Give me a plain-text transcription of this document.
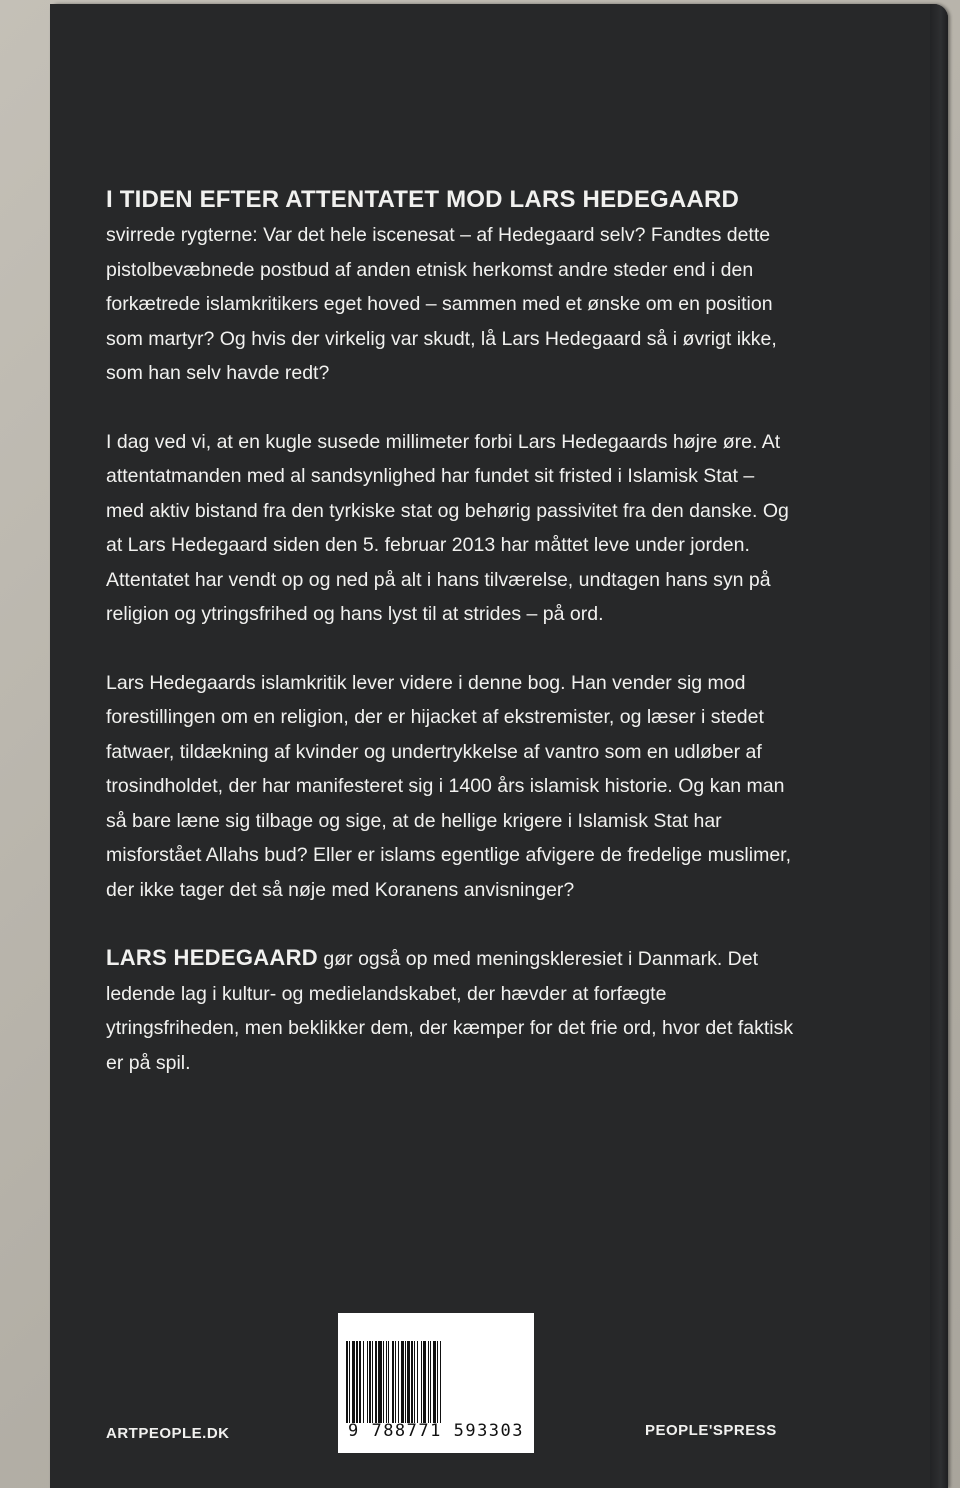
I TIDEN EFTER ATTENTATET MOD LARS HEDEGAARD

svirrede rygterne: Var det hele iscenesat – af Hedegaard selv? Fandtes dette pistolbevæbnede postbud af anden etnisk herkomst andre steder end i den forkætrede islamkritikers eget hoved – sammen med et ønske om en position som martyr? Og hvis der virkelig var skudt, lå Lars Hedegaard så i øvrigt ikke, som han selv havde redt?

I dag ved vi, at en kugle susede millimeter forbi Lars Hedegaards højre øre. At attentatmanden med al sandsynlighed har fundet sit fristed i Islamisk Stat – med aktiv bistand fra den tyrkiske stat og behørig passivitet fra den danske. Og at Lars Hedegaard siden den 5. februar 2013 har måttet leve under jorden. Attentatet har vendt op og ned på alt i hans tilværelse, undtagen hans syn på religion og ytringsfrihed og hans lyst til at strides – på ord.

Lars Hedegaards islamkritik lever videre i denne bog. Han vender sig mod forestillingen om en religion, der er hijacket af ekstremister, og læser i stedet fatwaer, tildækning af kvinder og undertrykkelse af vantro som en udløber af trosindholdet, der har manifesteret sig i 1400 års islamisk historie. Og kan man så bare læne sig tilbage og sige, at de hellige krigere i Islamisk Stat har misforstået Allahs bud? Eller er islams egentlige afvigere de fredelige muslimer, der ikke tager det så nøje med Koranens anvisninger?

LARS HEDEGAARD gør også op med meningskleresiet i Danmark. Det ledende lag i kultur- og medielandskabet, der hævder at forfægte ytringsfriheden, men beklikker dem, der kæmper for det frie ord, hvor det faktisk er på spil.

9 788771 593303
ARTPEOPLE.DK	PEOPLE'SPRESS
